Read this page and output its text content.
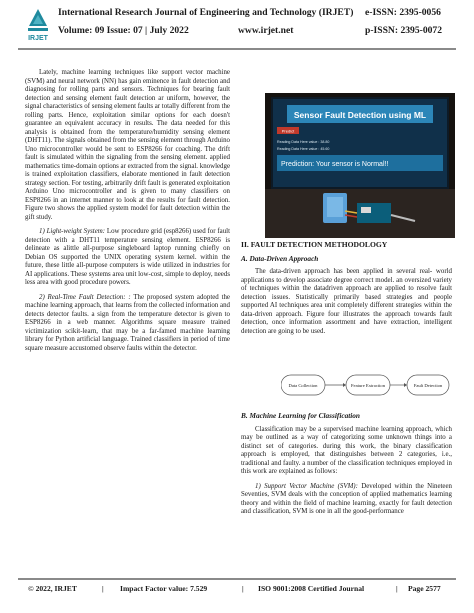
IRJET
International Research Journal of Engineering and Technology (IRJET)
Volume: 09 Issue: 07 | July 2022	www.irjet.net
e-ISSN: 2395-0056
p-ISSN: 2395-0072

Lately, machine learning techniques like support vector machine (SVM) and neural network (NN) has gain eminence in fault detection and diagnosing for rolling parts and sensors. Techniques for bearing fault detection and sensing element fault detection ar uniform, however, the signal characteristics of sensing element faults ar totally different from the rolling parts. Hence, exploitation similar options for each doesn't guarantee an equivalent accuracy in results. The data needed for this analysis is obtained from the temperature/humidity sensing element (DHT11). The signals obtained from the sensing element through Arduino Uno microcontroller would be sent to ESP8266 for coaching. The drift fault is simulated within the signaling from the sensing element. applied mathematics time-domain options ar extracted from the signal. knowledge is trained exploitation classifiers, elaborate mentioned in fault detection strategy section. For testing, arbitrarily drift fault is generated exploitation Arduino Uno microcontroller and is given to many classifiers on ESP8266 in an internet manner to look at the results for fault detection. Figure two shows the applied system model for fault detection within the gift study.

1) Light-weight System: Low procedure grid (esp8266) used for fault detection with a DHT11 temperature sensing element. ESP8266 is delineate as alittle all-purpose singleboard laptop running chiefly on Debian OS supported the UNIX operating system kernel. within the future, these little all-purpose computers is wide utilized in industries for AI applications. These systems area unit low-cost, simple to deploy, needs less area with good procedure powers.

2) Real-Time Fault Detection: : The proposed system adopted the machine learning approach, that learns from the collected information and detects detector faults. a sign from the temperature detector is given to ESP8266 in a web manner. Algorithms square measure trained victimization scikit-learn, that may be a far-famed machine learning library for Python artificial language. Trained classifiers in period of time square measure accustomed observe faults within the detector.

Sensor Fault Detection using ML
Predict
Reading Data Here value : 38.80
Reading Data Here value : 45.60
Prediction: Your sensor is Normal!!
II. FAULT DETECTION METHODOLOGY
A. Data-Driven Approach

The data-driven approach has been applied in several real- world applications to develop associate degree correct model. an oversized variety of techniques within the datadriven approach are applied to resolve fault detection issues. Statistically primarily based strategies and people supported AI techniques area unit completely different strategies within the data-driven approach. Figure four illustrates the approach towards fault detection, once information assortment and have extraction, intelligent detection are going to be used.

Data Collection	Feature Extraction	Fault Detection
B. Machine Learning for Classification

Classification may be a supervised machine learning approach, which may be outlined as a way of categorizing some unknown things into a distinct set of categories. during this work, the binary classification approach is employed, that distinguishes between 2 categories, i.e., traditional and faulty. a number of the classification techniques employed in this work are explained as follows:

1) Support Vector Machine (SVM): Developed within the Nineteen Seventies, SVM deals with the conception of applied mathematics learning theory and within the field of machine learning, exactly for fault detection and classification, SVM is one in all the good-performance

© 2022, IRJET	| Impact Factor value: 7.529	| ISO 9001:2008 Certified Journal	| Page 2577
